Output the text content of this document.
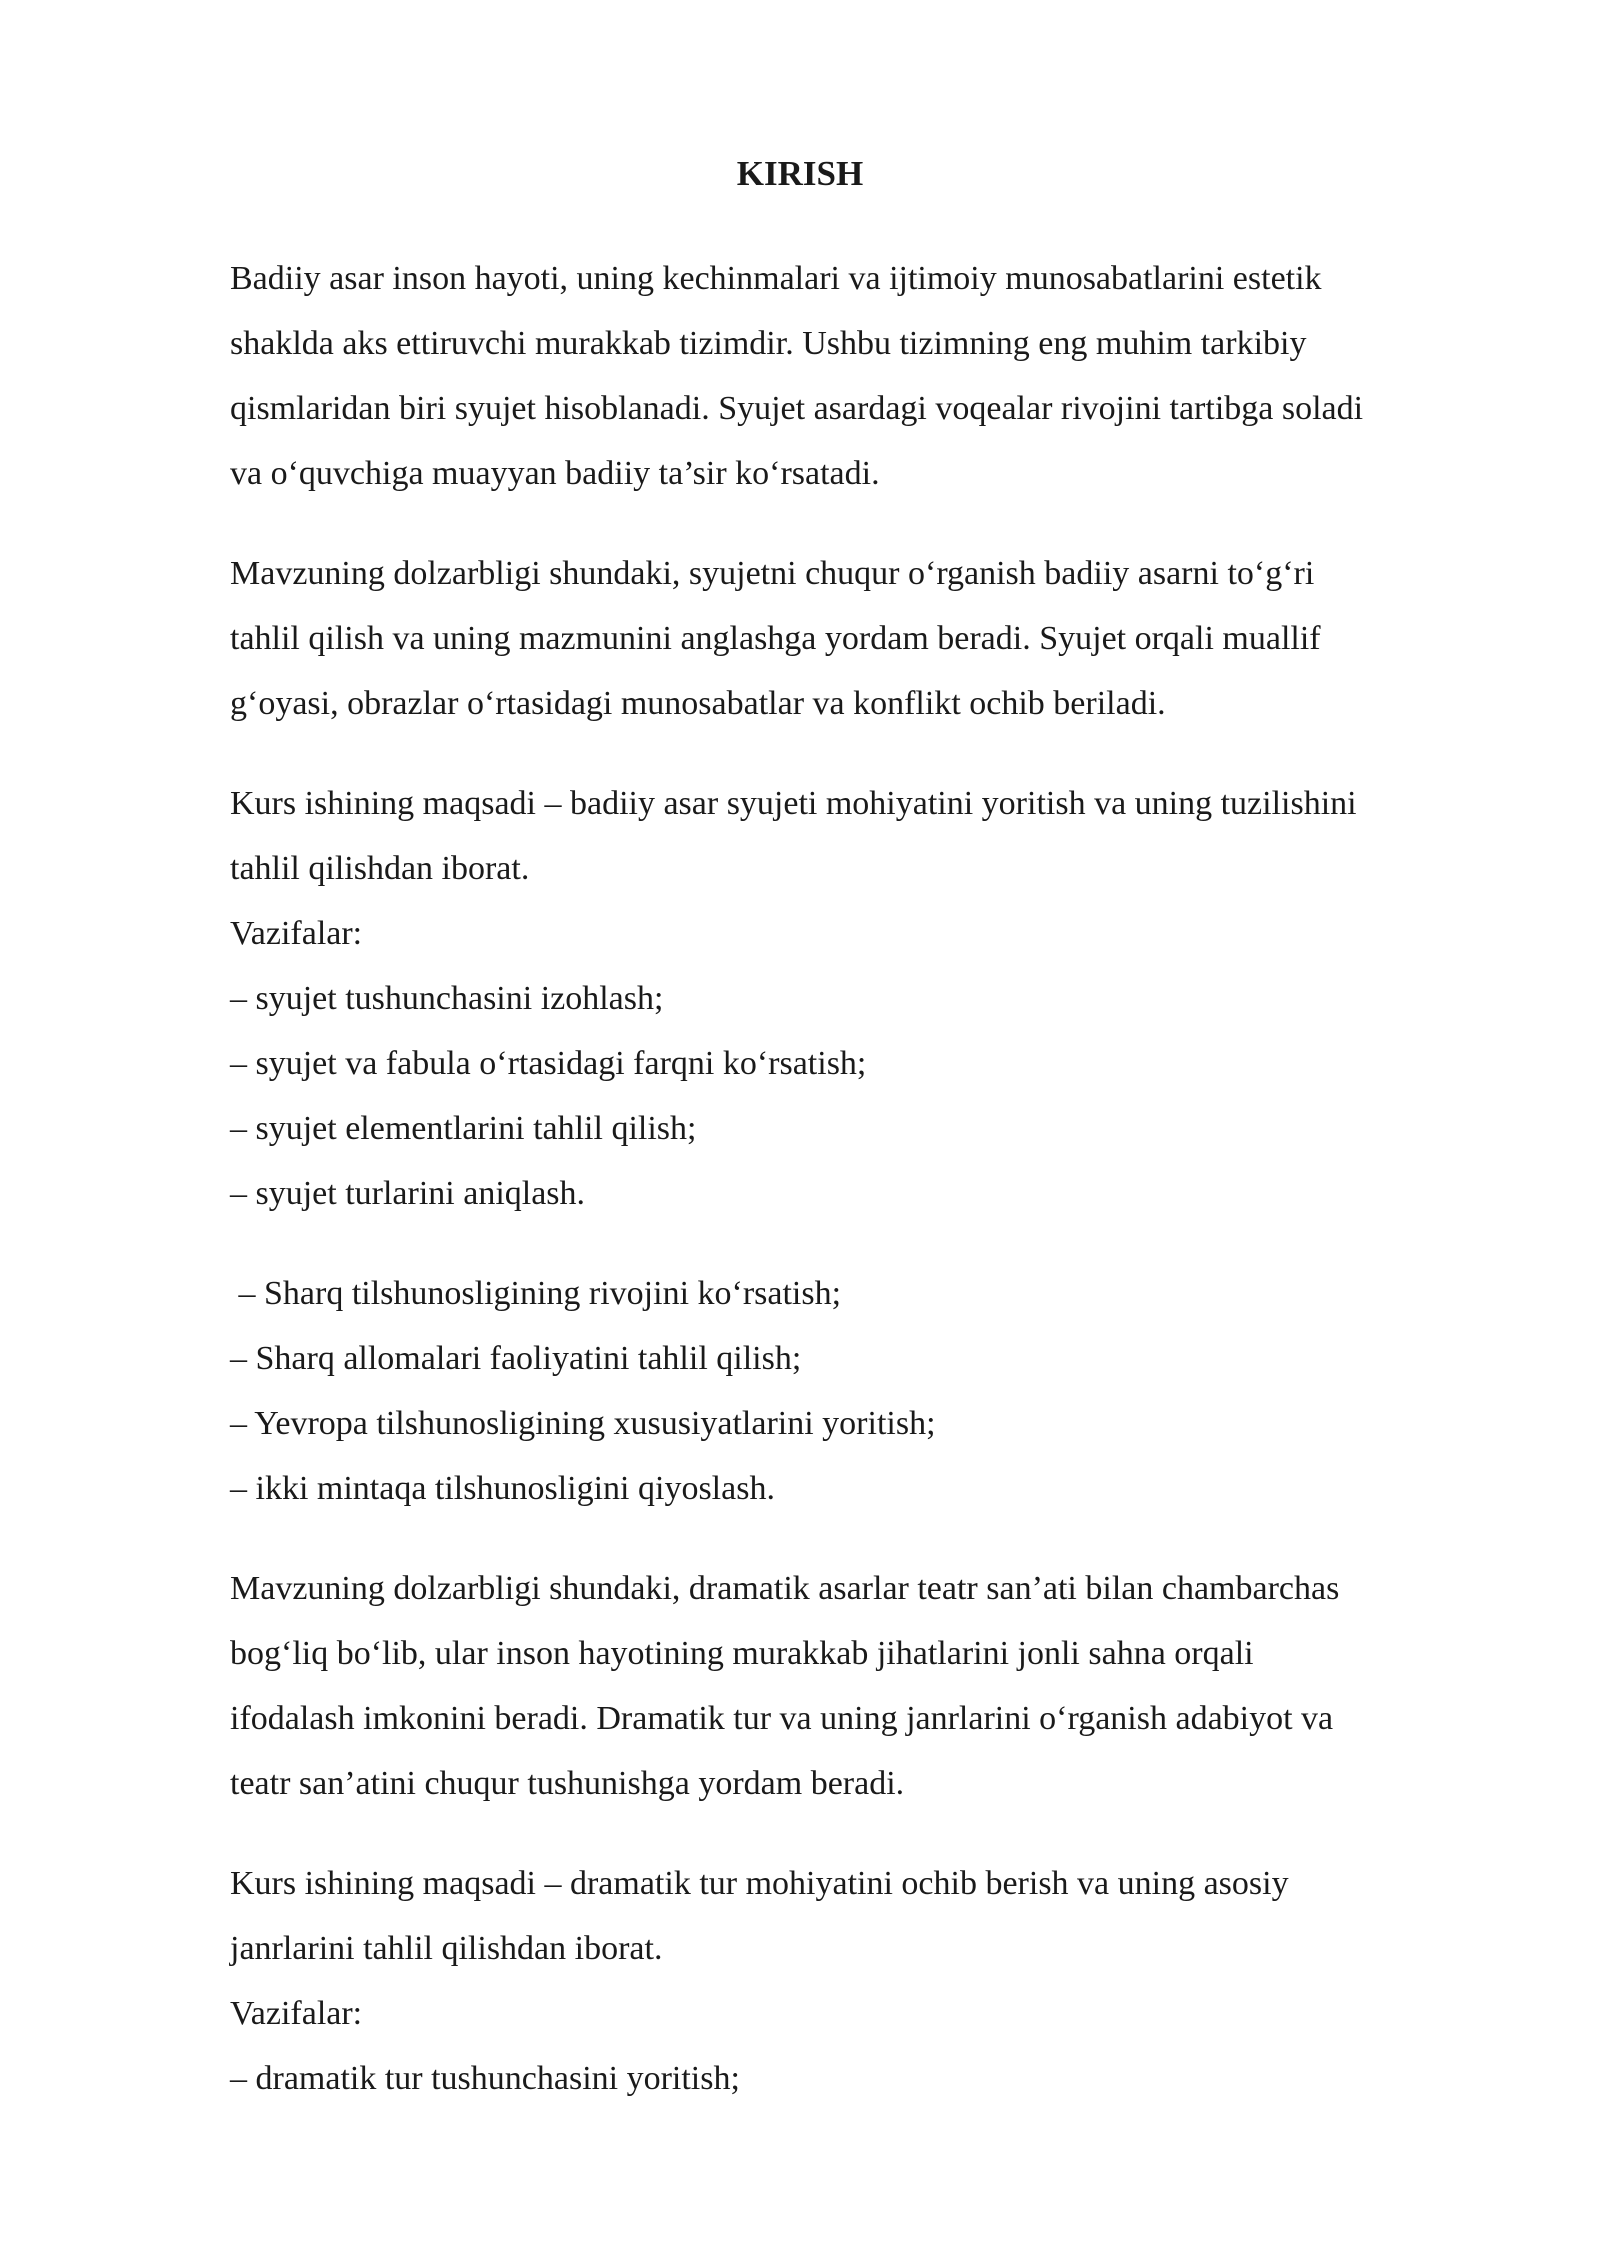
KIRISH

Badiiy asar inson hayoti, uning kechinmalari va ijtimoiy munosabatlarini estetik

shaklda aks ettiruvchi murakkab tizimdir. Ushbu tizimning eng muhim tarkibiy

qismlaridan biri syujet hisoblanadi. Syujet asardagi voqealar rivojini tartibga soladi

va o‘quvchiga muayyan badiiy ta’sir ko‘rsatadi.

Mavzuning dolzarbligi shundaki, syujetni chuqur o‘rganish badiiy asarni to‘g‘ri

tahlil qilish va uning mazmunini anglashga yordam beradi. Syujet orqali muallif

g‘oyasi, obrazlar o‘rtasidagi munosabatlar va konflikt ochib beriladi.

Kurs ishining maqsadi – badiiy asar syujeti mohiyatini yoritish va uning tuzilishini

tahlil qilishdan iborat.

Vazifalar:

– syujet tushunchasini izohlash;

– syujet va fabula o‘rtasidagi farqni ko‘rsatish;

– syujet elementlarini tahlil qilish;

– syujet turlarini aniqlash.

– Sharq tilshunosligining rivojini ko‘rsatish;

– Sharq allomalari faoliyatini tahlil qilish;

– Yevropa tilshunosligining xususiyatlarini yoritish;

– ikki mintaqa tilshunosligini qiyoslash.

Mavzuning dolzarbligi shundaki, dramatik asarlar teatr san’ati bilan chambarchas

bog‘liq bo‘lib, ular inson hayotining murakkab jihatlarini jonli sahna orqali

ifodalash imkonini beradi. Dramatik tur va uning janrlarini o‘rganish adabiyot va

teatr san’atini chuqur tushunishga yordam beradi.

Kurs ishining maqsadi – dramatik tur mohiyatini ochib berish va uning asosiy

janrlarini tahlil qilishdan iborat.

Vazifalar:

– dramatik tur tushunchasini yoritish;
